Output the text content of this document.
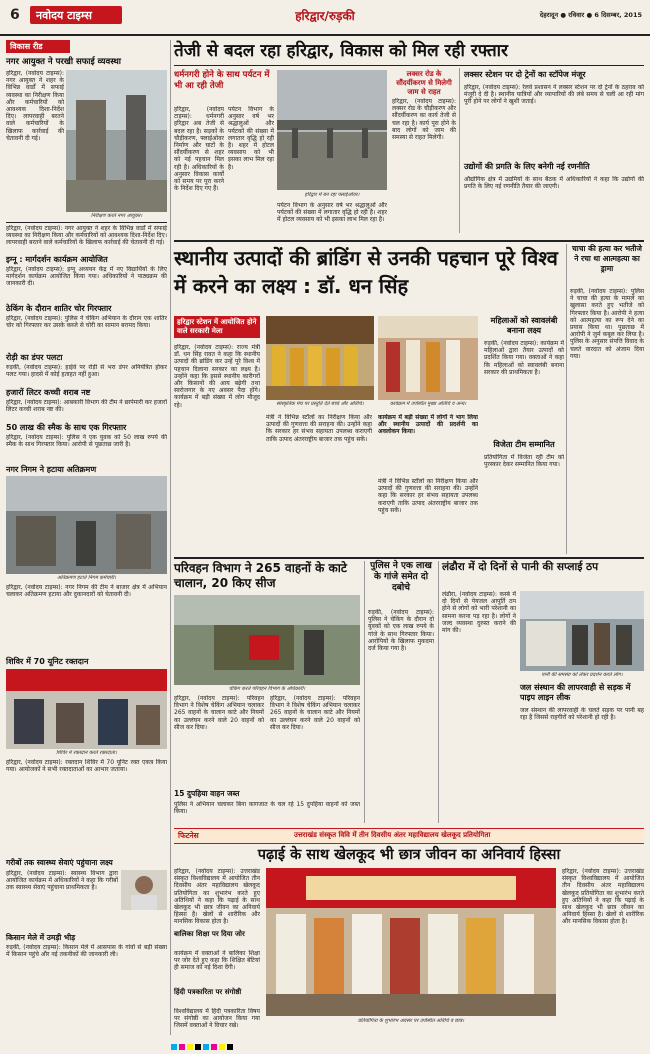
6 नवोदय टाइम्स	हरिद्वार/रुड़की	देहरादून ● रविवार ● 6 दिसम्बर, 2015
विकास रीड
नगर आयुक्त ने परखी सफाई व्यवस्था
हरिद्वार, (नवोदय टाइम्स): नगर आयुक्त ने शहर के विभिन्न वार्डों में सफाई व्यवस्था का निरीक्षण किया और कर्मचारियों को आवश्यक दिशा-निर्देश दिए। लापरवाही बरतने वाले कर्मचारियों के खिलाफ कार्रवाई की चेतावनी दी गई।
निरीक्षण करते नगर आयुक्त।
हरिद्वार, (नवोदय टाइम्स): नगर आयुक्त ने शहर के विभिन्न वार्डों में सफाई व्यवस्था का निरीक्षण किया और कर्मचारियों को आवश्यक दिशा-निर्देश दिए। लापरवाही बरतने वाले कर्मचारियों के खिलाफ कार्रवाई की चेतावनी दी गई।
इग्नू : मार्गदर्शन कार्यक्रम आयोजित
हरिद्वार, (नवोदय टाइम्स): इग्नू अध्ययन केंद्र में नए विद्यार्थियों के लिए मार्गदर्शन कार्यक्रम आयोजित किया गया। अधिकारियों ने पाठ्यक्रम की जानकारी दी।
ठेकिंग के दौरान शातिर चोर गिरफ्तार
हरिद्वार, (नवोदय टाइम्स): पुलिस ने चेकिंग अभियान के दौरान एक शातिर चोर को गिरफ्तार कर उसके कब्जे से चोरी का सामान बरामद किया।
रोड़ी का डंपर पलटा
रुड़की, (नवोदय टाइम्स): हाईवे पर रोड़ी से भरा डंपर अनियंत्रित होकर पलट गया। हादसे में कोई हताहत नहीं हुआ।
हजारों लिटर कच्ची शराब नष्ट
हरिद्वार, (नवोदय टाइम्स): आबकारी विभाग की टीम ने छापेमारी कर हजारों लिटर कच्ची शराब नष्ट की।
50 लाख की स्मैक के साथ एक गिरफ्तार
हरिद्वार, (नवोदय टाइम्स): पुलिस ने एक युवक को 50 लाख रुपये की स्मैक के साथ गिरफ्तार किया। आरोपी से पूछताछ जारी है।
नगर निगम ने हटाया अतिक्रमण
अतिक्रमण हटाते निगम कर्मचारी।
हरिद्वार, (नवोदय टाइम्स): नगर निगम की टीम ने बाजार क्षेत्र में अभियान चलाकर अतिक्रमण हटाया और दुकानदारों को चेतावनी दी।
शिविर में 70 यूनिट रक्तदान
शिविर में रक्तदान करते रक्तदाता।
हरिद्वार, (नवोदय टाइम्स): रक्तदान शिविर में 70 यूनिट रक्त एकत्र किया गया। आयोजकों ने सभी रक्तदाताओं का आभार जताया।
गरीबों तक स्वास्थ्य सेवाएं पहुंचाना लक्ष्य
हरिद्वार, (नवोदय टाइम्स): स्वास्थ्य विभाग द्वारा आयोजित कार्यक्रम में अधिकारियों ने कहा कि गरीबों तक स्वास्थ्य सेवाएं पहुंचाना प्राथमिकता है।
किसान मेले में उमड़ी भीड़
रुड़की, (नवोदय टाइम्स): किसान मेले में आसपास के गांवों से बड़ी संख्या में किसान पहुंचे और नई तकनीकों की जानकारी ली।
तेजी से बदल रहा हरिद्वार, विकास को मिल रही रफ्तार
धर्मनगरी होने के साथ पर्यटन में भी आ रही तेजी
हरिद्वार, (नवोदय टाइम्स): धर्मनगरी हरिद्वार अब तेजी से बदल रहा है। सड़कों के चौड़ीकरण, फ्लाईओवर निर्माण और घाटों के सौंदर्यीकरण से शहर को नई पहचान मिल रही है। अधिकारियों के अनुसार विकास कार्यों को समय पर पूरा करने के निर्देश दिए गए हैं।
पर्यटन विभाग के अनुसार वर्ष भर श्रद्धालुओं और पर्यटकों की संख्या में लगातार वृद्धि हो रही है। शहर में होटल व्यवसाय को भी इसका लाभ मिल रहा है।
हरिद्वार में बन रहा फ्लाईओवर।
पर्यटन विभाग के अनुसार वर्ष भर श्रद्धालुओं और पर्यटकों की संख्या में लगातार वृद्धि हो रही है। शहर में होटल व्यवसाय को भी इसका लाभ मिल रहा है।
लक्सर रोड के सौंदर्यीकरण से मिलेगी जाम से राहत
हरिद्वार, (नवोदय टाइम्स): लक्सर रोड के चौड़ीकरण और सौंदर्यीकरण का कार्य तेजी से चल रहा है। कार्य पूरा होने के बाद लोगों को जाम की समस्या से राहत मिलेगी।
लक्सर स्टेशन पर दो ट्रेनों का स्टॉपेज मंजूर
हरिद्वार, (नवोदय टाइम्स): रेलवे प्रशासन ने लक्सर स्टेशन पर दो ट्रेनों के ठहराव को मंजूरी दे दी है। स्थानीय यात्रियों और व्यापारियों की लंबे समय से चली आ रही मांग पूरी होने पर लोगों ने खुशी जताई।
उद्योगों की प्रगति के लिए बनेगी नई रणनीति
औद्योगिक क्षेत्र में उद्यमियों के साथ बैठक में अधिकारियों ने कहा कि उद्योगों की प्रगति के लिए नई रणनीति तैयार की जाएगी।
स्थानीय उत्पादों की ब्रांडिंग से उनकी पहचान पूरे विश्व में करने का लक्ष्य : डॉ. धन सिंह
हरिद्वार स्टेशन में आयोजित होने वाले सरकारी मेला
हरिद्वार, (नवोदय टाइम्स): राज्य मंत्री डॉ. धन सिंह रावत ने कहा कि स्थानीय उत्पादों की ब्रांडिंग कर उन्हें पूरे विश्व में पहचान दिलाना सरकार का लक्ष्य है। उन्होंने कहा कि इससे स्थानीय कारीगरों और किसानों की आय बढ़ेगी तथा स्वरोजगार के नए अवसर पैदा होंगे। कार्यक्रम में बड़ी संख्या में लोग मौजूद रहे।	सांस्कृतिक मंच पर प्रस्तुति देते बच्चे और अतिथि।	कार्यक्रम में उपस्थित मुख्य अतिथि व अन्य।
मंत्री ने विभिन्न स्टॉलों का निरीक्षण किया और उत्पादों की गुणवत्ता की सराहना की। उन्होंने कहा कि सरकार हर संभव सहायता उपलब्ध कराएगी ताकि उत्पाद अंतरराष्ट्रीय बाजार तक पहुंच सकें।
कार्यक्रम में बड़ी संख्या में लोगों ने भाग लिया और स्थानीय उत्पादों की प्रदर्शनी का अवलोकन किया।
मंत्री ने विभिन्न स्टॉलों का निरीक्षण किया और उत्पादों की गुणवत्ता की सराहना की। उन्होंने कहा कि सरकार हर संभव सहायता उपलब्ध कराएगी ताकि उत्पाद अंतरराष्ट्रीय बाजार तक पहुंच सकें।
महिलाओं को स्वावलंबी बनाना लक्ष्य
रुड़की, (नवोदय टाइम्स): कार्यक्रम में महिलाओं द्वारा तैयार उत्पादों को प्रदर्शित किया गया। वक्ताओं ने कहा कि महिलाओं को स्वावलंबी बनाना सरकार की प्राथमिकता है।
विजेता टीम सम्मानित
प्रतियोगिता में विजेता रही टीम को पुरस्कार देकर सम्मानित किया गया।
चाचा की हत्या कर भतीजे ने रचा था आत्महत्या का ड्रामा
रुड़की, (नवोदय टाइम्स): पुलिस ने चाचा की हत्या के मामले का खुलासा करते हुए भतीजे को गिरफ्तार किया है। आरोपी ने हत्या को आत्महत्या का रूप देने का प्रयास किया था। पूछताछ में आरोपी ने जुर्म कबूल कर लिया है। पुलिस के अनुसार संपत्ति विवाद के चलते वारदात को अंजाम दिया गया।
परिवहन विभाग ने 265 वाहनों के काटे चालान, 20 किए सीज
चेकिंग करते परिवहन विभाग के अधिकारी।
हरिद्वार, (नवोदय टाइम्स): परिवहन विभाग ने विशेष चेकिंग अभियान चलाकर 265 वाहनों के चालान काटे और नियमों का उल्लंघन करने वाले 20 वाहनों को सीज कर दिया।
हरिद्वार, (नवोदय टाइम्स): परिवहन विभाग ने विशेष चेकिंग अभियान चलाकर 265 वाहनों के चालान काटे और नियमों का उल्लंघन करने वाले 20 वाहनों को सीज कर दिया।
15 दुपहिया वाहन जब्त
पुलिस ने अभियान चलाकर बिना कागजात के चल रहे 15 दुपहिया वाहनों को जब्त किया।
पुलिस ने एक लाख के गांजे समेत दो दबोचे
रुड़की, (नवोदय टाइम्स): पुलिस ने चेकिंग के दौरान दो युवकों को एक लाख रुपये के गांजे के साथ गिरफ्तार किया। आरोपियों के खिलाफ मुकदमा दर्ज किया गया है।
लंढौरा में दो दिनों से पानी की सप्लाई ठप
लंढौरा, (नवोदय टाइम्स): कस्बे में दो दिनों से पेयजल आपूर्ति ठप होने से लोगों को भारी परेशानी का सामना करना पड़ रहा है। लोगों ने जल्द व्यवस्था दुरुस्त कराने की मांग की।
पानी की समस्या को लेकर प्रदर्शन करते लोग।
जल संस्थान की लापरवाही से सड़क में पाइप लाइन लीक
जल संस्थान की लापरवाही के चलते सड़क पर पानी बह रहा है जिससे राहगीरों को परेशानी हो रही है।
फिटनेस	उत्तराखंड संस्कृत विवि में तीन दिवसीय अंतर महाविद्यालय खेलकूद प्रतियोगिता
पढ़ाई के साथ खेलकूद भी छात्र जीवन का अनिवार्य हिस्सा
हरिद्वार, (नवोदय टाइम्स): उत्तराखंड संस्कृत विश्वविद्यालय में आयोजित तीन दिवसीय अंतर महाविद्यालय खेलकूद प्रतियोगिता का शुभारंभ करते हुए अतिथियों ने कहा कि पढ़ाई के साथ खेलकूद भी छात्र जीवन का अनिवार्य हिस्सा है। खेलों से शारीरिक और मानसिक विकास होता है।
बालिका शिक्षा पर दिया जोर
कार्यक्रम में वक्ताओं ने बालिका शिक्षा पर जोर देते हुए कहा कि शिक्षित बेटियां ही समाज को नई दिशा देंगी।
हिंदी पत्रकारिता पर संगोष्ठी
विश्वविद्यालय में हिंदी पत्रकारिता विषय पर संगोष्ठी का आयोजन किया गया जिसमें वक्ताओं ने विचार रखे।
प्रतियोगिता के शुभारंभ अवसर पर उपस्थित अतिथि व छात्र।
हरिद्वार, (नवोदय टाइम्स): उत्तराखंड संस्कृत विश्वविद्यालय में आयोजित तीन दिवसीय अंतर महाविद्यालय खेलकूद प्रतियोगिता का शुभारंभ करते हुए अतिथियों ने कहा कि पढ़ाई के साथ खेलकूद भी छात्र जीवन का अनिवार्य हिस्सा है। खेलों से शारीरिक और मानसिक विकास होता है।
